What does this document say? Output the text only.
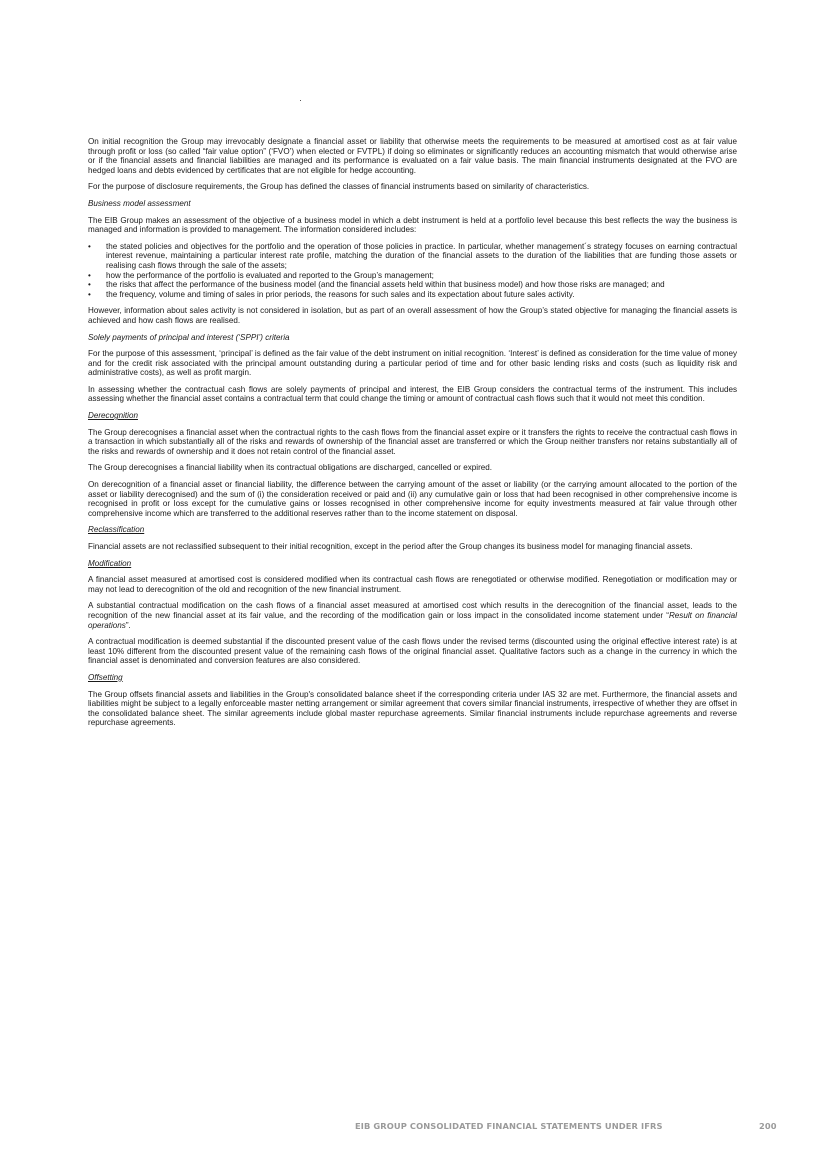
On initial recognition the Group may irrevocably designate a financial asset or liability that otherwise meets the requirements to be measured at amortised cost as at fair value through profit or loss (so called “fair value option” (‘FVO’) when elected or FVTPL) if doing so eliminates or significantly reduces an accounting mismatch that would otherwise arise or if the financial assets and financial liabilities are managed and its performance is evaluated on a fair value basis. The main financial instruments designated at the FVO are hedged loans and debts evidenced by certificates that are not eligible for hedge accounting.

For the purpose of disclosure requirements, the Group has defined the classes of financial instruments based on similarity of characteristics.

Business model assessment

The EIB Group makes an assessment of the objective of a business model in which a debt instrument is held at a portfolio level because this best reflects the way the business is managed and information is provided to management. The information considered includes:

• the stated policies and objectives for the portfolio and the operation of those policies in practice. In particular, whether management´s strategy focuses on earning contractual interest revenue, maintaining a particular interest rate profile, matching the duration of the financial assets to the duration of the liabilities that are funding those assets or realising cash flows through the sale of the assets;
• how the performance of the portfolio is evaluated and reported to the Group’s management;
• the risks that affect the performance of the business model (and the financial assets held within that business model) and how those risks are managed; and
• the frequency, volume and timing of sales in prior periods, the reasons for such sales and its expectation about future sales activity.

However, information about sales activity is not considered in isolation, but as part of an overall assessment of how the Group’s stated objective for managing the financial assets is achieved and how cash flows are realised.

Solely payments of principal and interest (‘SPPI’) criteria

For the purpose of this assessment, ‘principal’ is defined as the fair value of the debt instrument on initial recognition. ‘Interest’ is defined as consideration for the time value of money and for the credit risk associated with the principal amount outstanding during a particular period of time and for other basic lending risks and costs (such as liquidity risk and administrative costs), as well as profit margin.

In assessing whether the contractual cash flows are solely payments of principal and interest, the EIB Group considers the contractual terms of the instrument. This includes assessing whether the financial asset contains a contractual term that could change the timing or amount of contractual cash flows such that it would not meet this condition.

Derecognition

The Group derecognises a financial asset when the contractual rights to the cash flows from the financial asset expire or it transfers the rights to receive the contractual cash flows in a transaction in which substantially all of the risks and rewards of ownership of the financial asset are transferred or which the Group neither transfers nor retains substantially all of the risks and rewards of ownership and it does not retain control of the financial asset.

The Group derecognises a financial liability when its contractual obligations are discharged, cancelled or expired.

On derecognition of a financial asset or financial liability, the difference between the carrying amount of the asset or liability (or the carrying amount allocated to the portion of the asset or liability derecognised) and the sum of (i) the consideration received or paid and (ii) any cumulative gain or loss that had been recognised in other comprehensive income is recognised in profit or loss except for the cumulative gains or losses recognised in other comprehensive income for equity investments measured at fair value through other comprehensive income which are transferred to the additional reserves rather than to the income statement on disposal.

Reclassification

Financial assets are not reclassified subsequent to their initial recognition, except in the period after the Group changes its business model for managing financial assets.

Modification

A financial asset measured at amortised cost is considered modified when its contractual cash flows are renegotiated or otherwise modified. Renegotiation or modification may or may not lead to derecognition of the old and recognition of the new financial instrument.

A substantial contractual modification on the cash flows of a financial asset measured at amortised cost which results in the derecognition of the financial asset, leads to the recognition of the new financial asset at its fair value, and the recording of the modification gain or loss impact in the consolidated income statement under “Result on financial operations”.

A contractual modification is deemed substantial if the discounted present value of the cash flows under the revised terms (discounted using the original effective interest rate) is at least 10% different from the discounted present value of the remaining cash flows of the original financial asset. Qualitative factors such as a change in the currency in which the financial asset is denominated and conversion features are also considered.

Offsetting

The Group offsets financial assets and liabilities in the Group's consolidated balance sheet if the corresponding criteria under IAS 32 are met. Furthermore, the financial assets and liabilities might be subject to a legally enforceable master netting arrangement or similar agreement that covers similar financial instruments, irrespective of whether they are offset in the consolidated balance sheet. The similar agreements include global master repurchase agreements. Similar financial instruments include repurchase agreements and reverse repurchase agreements.

EIB GROUP CONSOLIDATED FINANCIAL STATEMENTS UNDER IFRS	200
